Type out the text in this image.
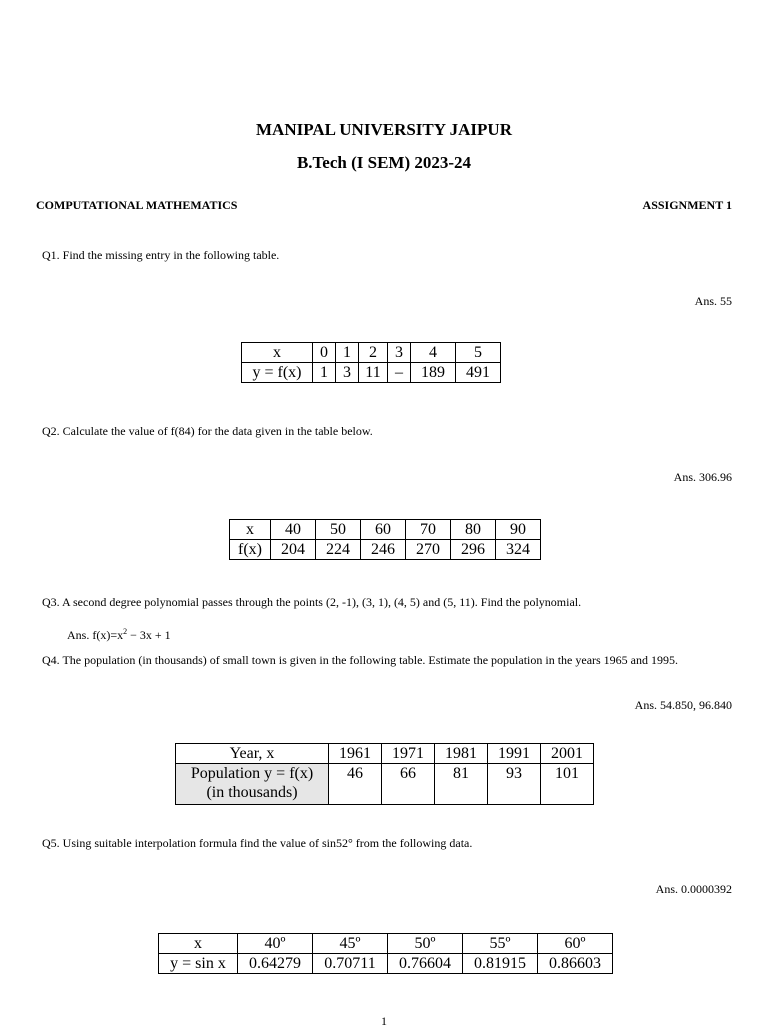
MANIPAL UNIVERSITY JAIPUR
B.Tech (I SEM) 2023-24
COMPUTATIONAL MATHEMATICS	ASSIGNMENT 1
Q1. Find the missing entry in the following table.
Ans. 55
x	0	1	2	3	4	5
y = f(x)	1	3	11	–	189	491
Q2. Calculate the value of f(84) for the data given in the table below.
Ans. 306.96
x	40	50	60	70	80	90
f(x)	204	224	246	270	296	324
Q3. A second degree polynomial passes through the points (2, -1), (3, 1), (4, 5) and (5, 11). Find the polynomial.
Ans. $f(x)=x^2 - 3x + 1$
Q4. The population (in thousands) of small town is given in the following table. Estimate the population in the years 1965 and 1995.
Ans. 54.850, 96.840
Year, x	1961	1971	1981	1991	2001

Population y = f(x)
(in thousands)	46	66	81	93	101
Q5. Using suitable interpolation formula find the value of sin52° from the following data.
Ans. 0.0000392
x	40º	45º	50º	55º	60º
y = sin x	0.64279	0.70711	0.76604	0.81915	0.86603
1
